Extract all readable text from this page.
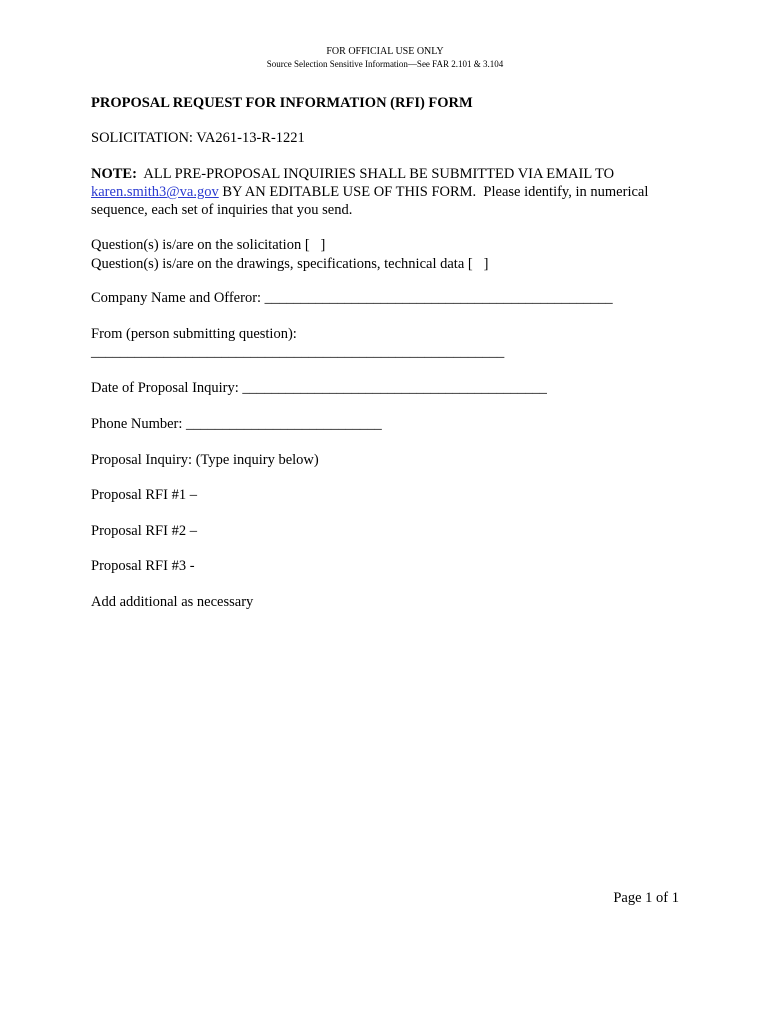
FOR OFFICIAL USE ONLY
Source Selection Sensitive Information—See FAR 2.101 & 3.104
PROPOSAL REQUEST FOR INFORMATION (RFI) FORM
SOLICITATION: VA261-13-R-1221
NOTE:  ALL PRE-PROPOSAL INQUIRIES SHALL BE SUBMITTED VIA EMAIL TO
karen.smith3@va.gov BY AN EDITABLE USE OF THIS FORM.  Please identify, in numerical sequence, each set of inquiries that you send.
Question(s) is/are on the solicitation [   ]
Question(s) is/are on the drawings, specifications, technical data [   ]
Company Name and Offeror: ________________________________________________
From (person submitting question):
_________________________________________________________
Date of Proposal Inquiry: __________________________________________
Phone Number: ___________________________
Proposal Inquiry: (Type inquiry below)
Proposal RFI #1 –
Proposal RFI #2 –
Proposal RFI #3 -
Add additional as necessary
Page 1 of 1
